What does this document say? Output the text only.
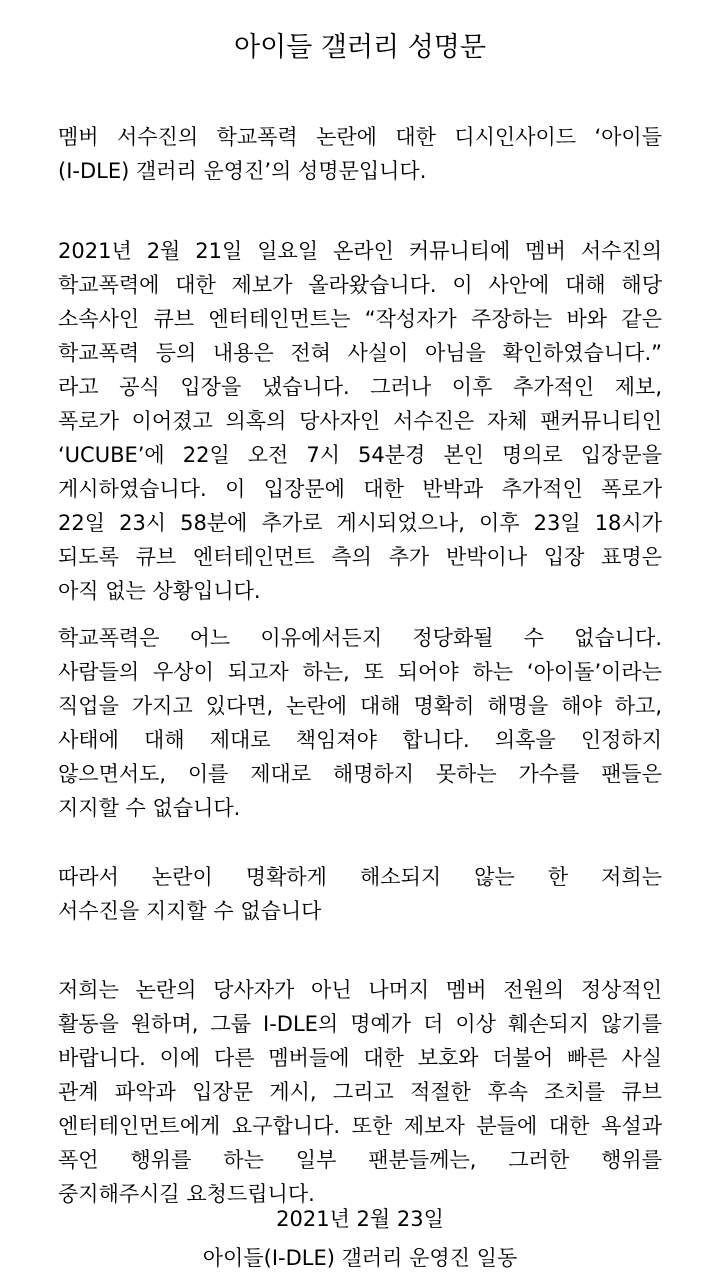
아이들 갤러리 성명문
멤버 서수진의 학교폭력 논란에 대한 디시인사이드 ‘아이들
(I-DLE) 갤러리 운영진’의 성명문입니다.
2021년 2월 21일 일요일 온라인 커뮤니티에 멤버 서수진의
학교폭력에 대한 제보가 올라왔습니다. 이 사안에 대해 해당
소속사인 큐브 엔터테인먼트는 “작성자가 주장하는 바와 같은
학교폭력 등의 내용은 전혀 사실이 아님을 확인하였습니다.”
라고 공식 입장을 냈습니다. 그러나 이후 추가적인 제보,
폭로가 이어졌고 의혹의 당사자인 서수진은 자체 팬커뮤니티인
‘UCUBE’에 22일 오전 7시 54분경 본인 명의로 입장문을
게시하였습니다. 이 입장문에 대한 반박과 추가적인 폭로가
22일 23시 58분에 추가로 게시되었으나, 이후 23일 18시가
되도록 큐브 엔터테인먼트 측의 추가 반박이나 입장 표명은
아직 없는 상황입니다.
학교폭력은 어느 이유에서든지 정당화될 수 없습니다.
사람들의 우상이 되고자 하는, 또 되어야 하는 ‘아이돌’이라는
직업을 가지고 있다면, 논란에 대해 명확히 해명을 해야 하고,
사태에 대해 제대로 책임져야 합니다. 의혹을 인정하지
않으면서도, 이를 제대로 해명하지 못하는 가수를 팬들은
지지할 수 없습니다.
따라서 논란이 명확하게 해소되지 않는 한 저희는
서수진을 지지할 수 없습니다
저희는 논란의 당사자가 아닌 나머지 멤버 전원의 정상적인
활동을 원하며, 그룹 I-DLE의 명예가 더 이상 훼손되지 않기를
바랍니다. 이에 다른 멤버들에 대한 보호와 더불어 빠른 사실
관계 파악과 입장문 게시, 그리고 적절한 후속 조치를 큐브
엔터테인먼트에게 요구합니다. 또한 제보자 분들에 대한 욕설과
폭언 행위를 하는 일부 팬분들께는, 그러한 행위를
중지해주시길 요청드립니다.

2021년 2월 23일

아이들(I-DLE) 갤러리 운영진 일동
